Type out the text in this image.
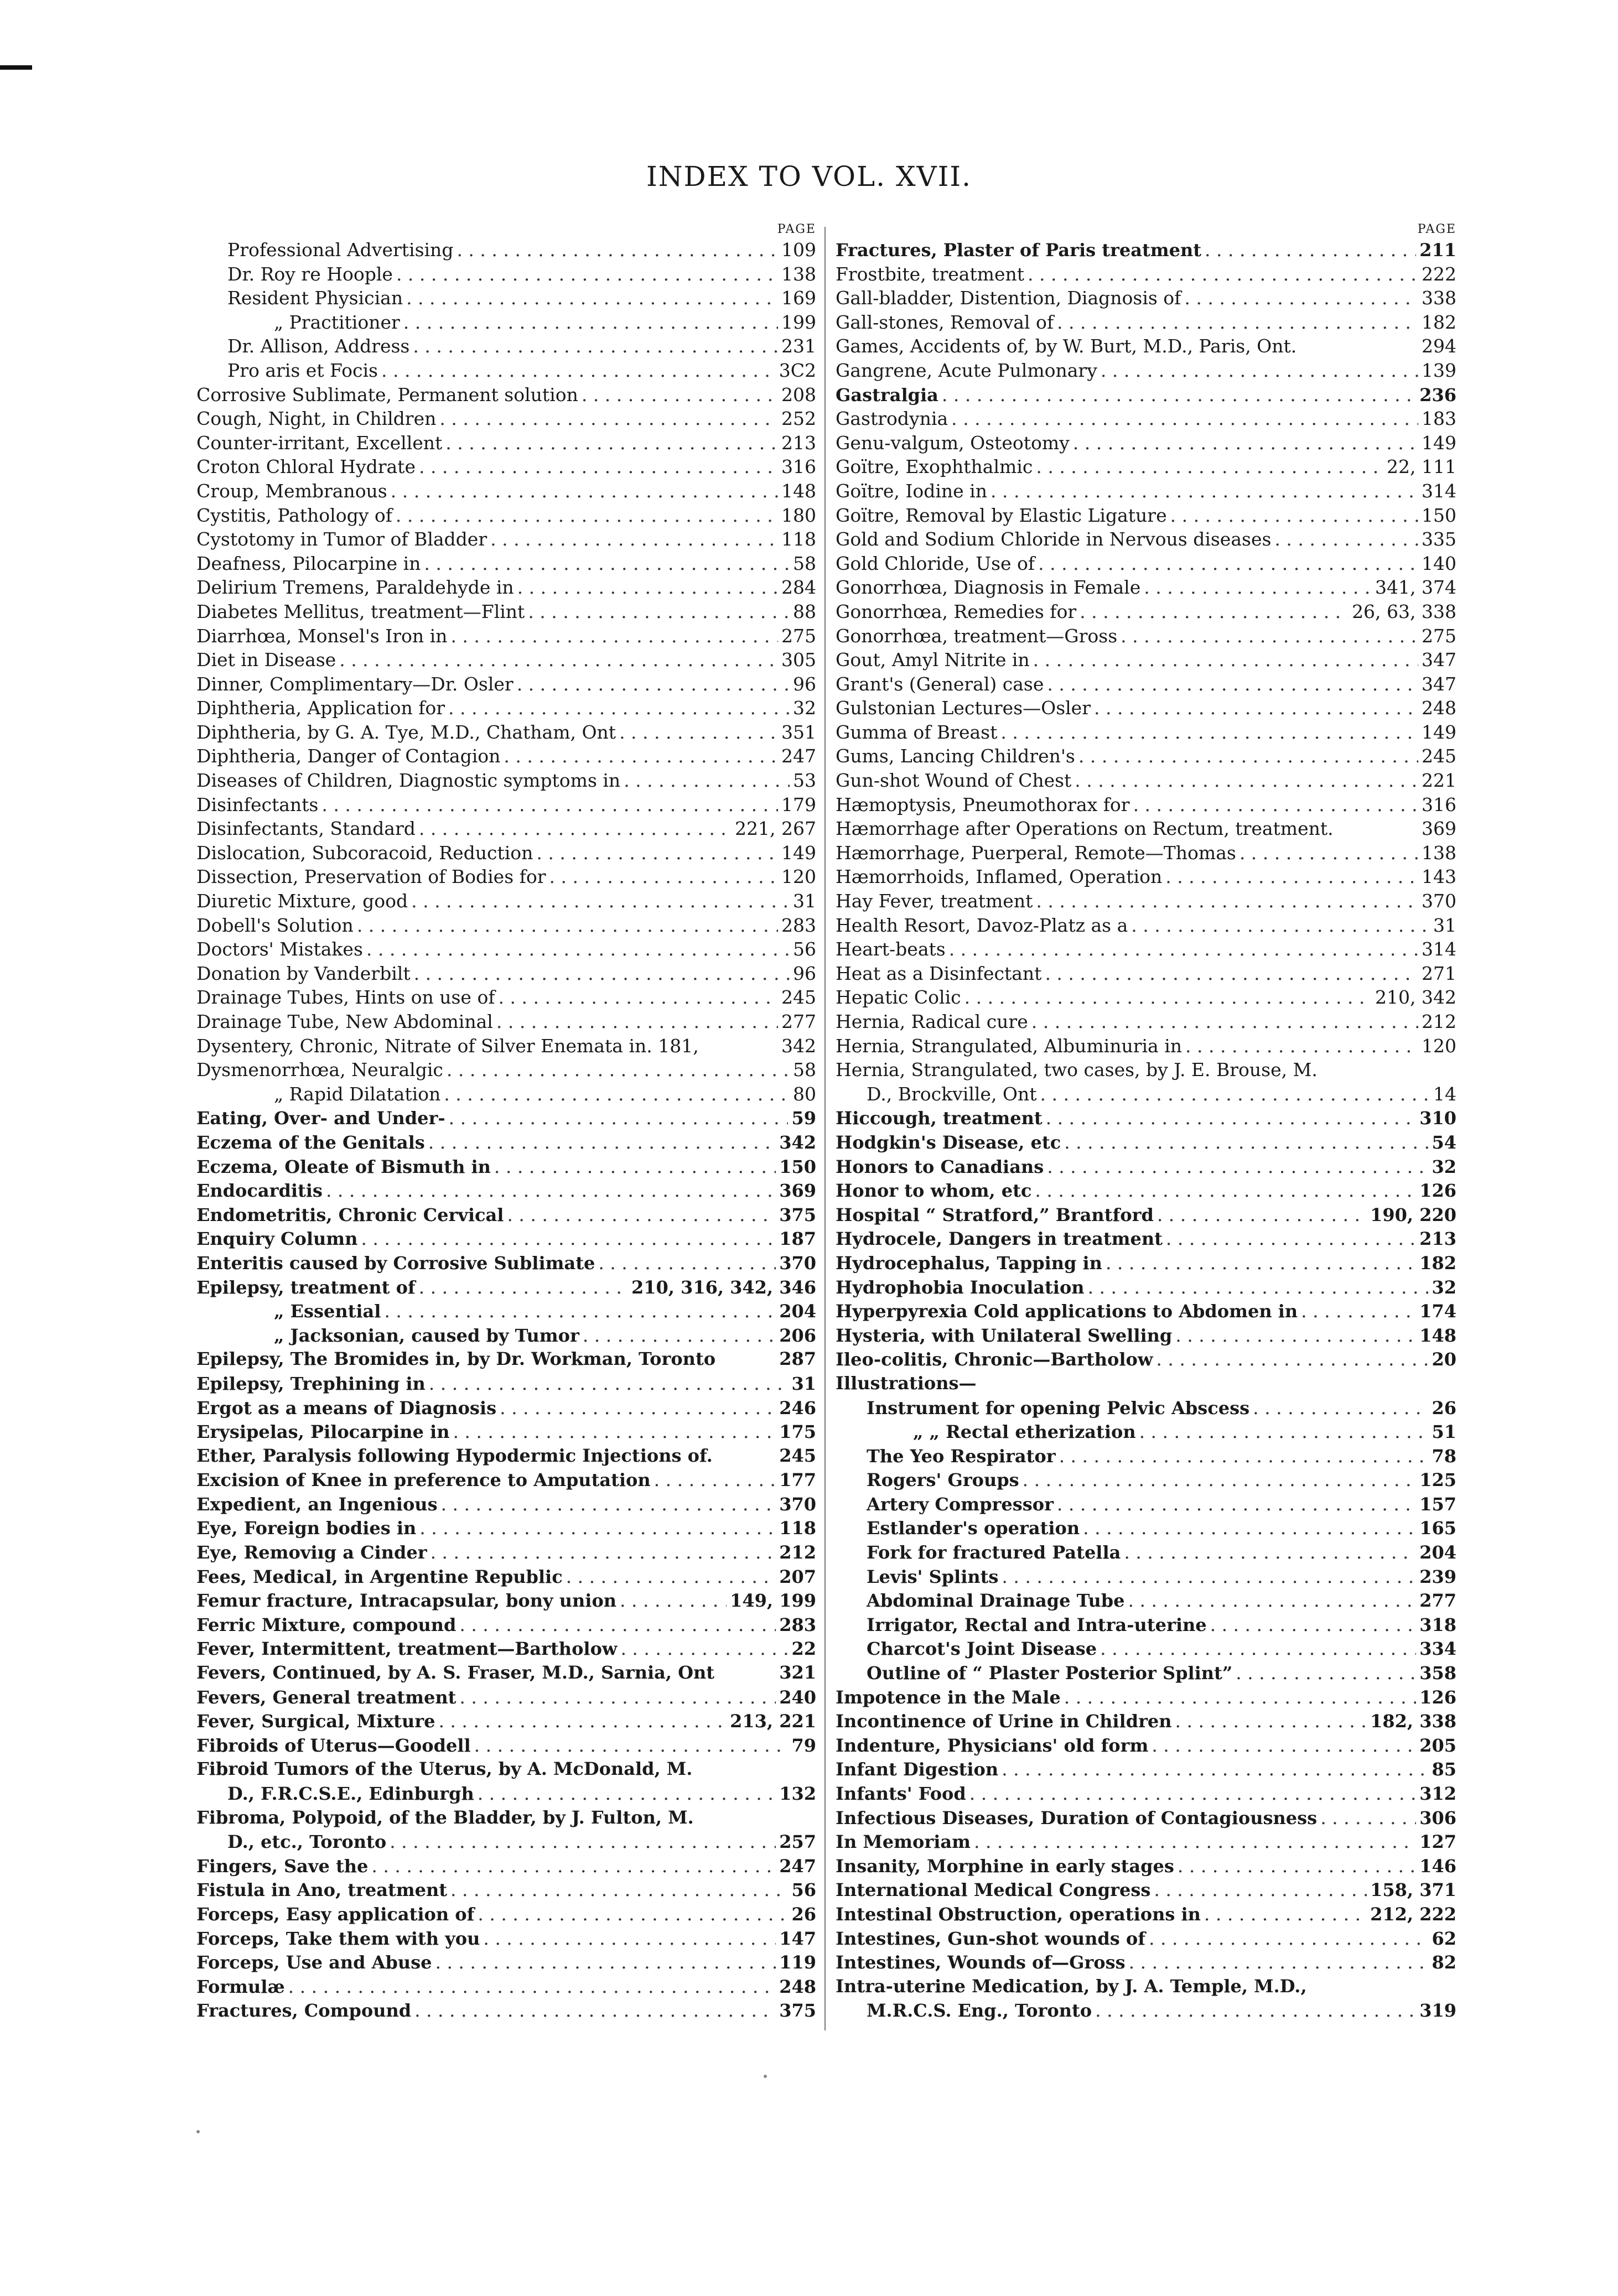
INDEX TO VOL. XVII.
PAGE
Professional Advertising . . .	109
Dr. Roy re Hoople . . .	138
Resident Physician . . .	169
„ Practitioner . . .	199
Dr. Allison, Address . . .	231
Pro aris et Focis . . .	3C2
Corrosive Sublimate, Permanent solution . . .	208
Cough, Night, in Children . . .	252
Counter-irritant, Excellent . . .	213
Croton Chloral Hydrate . . .	316
Croup, Membranous . . .	148
Cystitis, Pathology of . . .	180
Cystotomy in Tumor of Bladder . . .	118
Deafness, Pilocarpine in . . .	58
Delirium Tremens, Paraldehyde in . . .	284
Diabetes Mellitus, treatment—Flint . . .	88
Diarrhœa, Monsel's Iron in . . .	275
Diet in Disease . . .	305
Dinner, Complimentary—Dr. Osler . . .	96
Diphtheria, Application for . . .	32
Diphtheria, by G. A. Tye, M.D., Chatham, Ont . . .	351
Diphtheria, Danger of Contagion . . .	247
Diseases of Children, Diagnostic symptoms in . . .	53
Disinfectants . . .	179
Disinfectants, Standard . . .	221, 267
Dislocation, Subcoracoid, Reduction . . .	149
Dissection, Preservation of Bodies for . . .	120
Diuretic Mixture, good . . .	31
Dobell's Solution . . .	283
Doctors' Mistakes . . .	56
Donation by Vanderbilt . . .	96
Drainage Tubes, Hints on use of . . .	245
Drainage Tube, New Abdominal . . .	277
Dysentery, Chronic, Nitrate of Silver Enemata in. 181,	342
Dysmenorrhœa, Neuralgic . . .	58
„ Rapid Dilatation . . .	80
Eating, Over- and Under- . . .	59
Eczema of the Genitals . . .	342
Eczema, Oleate of Bismuth in . . .	150
Endocarditis . . .	369
Endometritis, Chronic Cervical . . .	375
Enquiry Column . . .	187
Enteritis caused by Corrosive Sublimate . . .	370
Epilepsy, treatment of . . .	210, 316, 342, 346
„ Essential . . .	204
„ Jacksonian, caused by Tumor . . .	206
Epilepsy, The Bromides in, by Dr. Workman, Toronto	287
Epilepsy, Trephining in . . .	31
Ergot as a means of Diagnosis . . .	246
Erysipelas, Pilocarpine in . . .	175
Ether, Paralysis following Hypodermic Injections of.	245
Excision of Knee in preference to Amputation . . .	177
Expedient, an Ingenious . . .	370
Eye, Foreign bodies in . . .	118
Eye, Removiıg a Cinder . . .	212
Fees, Medical, in Argentine Republic . . .	207
Femur fracture, Intracapsular, bony union . . .	149, 199
Ferric Mixture, compound . . .	283
Fever, Intermittent, treatment—Bartholow . . .	22
Fevers, Continued, by A. S. Fraser, M.D., Sarnia, Ont	321
Fevers, General treatment . . .	240
Fever, Surgical, Mixture . . .	213, 221
Fibroids of Uterus—Goodell . . .	79
Fibroid Tumors of the Uterus, by A. McDonald, M.
D., F.R.C.S.E., Edinburgh . . .	132
Fibroma, Polypoid, of the Bladder, by J. Fulton, M.
D., etc., Toronto . . .	257
Fingers, Save the . . .	247
Fistula in Ano, treatment . . .	56
Forceps, Easy application of . . .	26
Forceps, Take them with you . . .	147
Forceps, Use and Abuse . . .	119
Formulæ . . .	248
Fractures, Compound . . .	375
PAGE
Fractures, Plaster of Paris treatment . . .	211
Frostbite, treatment . . .	222
Gall-bladder, Distention, Diagnosis of . . .	338
Gall-stones, Removal of . . .	182
Games, Accidents of, by W. Burt, M.D., Paris, Ont.	294
Gangrene, Acute Pulmonary . . .	139
Gastralgia . . .	236
Gastrodynia . . .	183
Genu-valgum, Osteotomy . . .	149
Goïtre, Exophthalmic . . .	22, 111
Goïtre, Iodine in . . .	314
Goïtre, Removal by Elastic Ligature . . .	150
Gold and Sodium Chloride in Nervous diseases . . .	335
Gold Chloride, Use of . . .	140
Gonorrhœa, Diagnosis in Female . . .	341, 374
Gonorrhœa, Remedies for . . .	26, 63, 338
Gonorrhœa, treatment—Gross . . .	275
Gout, Amyl Nitrite in . . .	347
Grant's (General) case . . .	347
Gulstonian Lectures—Osler . . .	248
Gumma of Breast . . .	149
Gums, Lancing Children's . . .	245
Gun-shot Wound of Chest . . .	221
Hæmoptysis, Pneumothorax for . . .	316
Hæmorrhage after Operations on Rectum, treatment.	369
Hæmorrhage, Puerperal, Remote—Thomas . . .	138
Hæmorrhoids, Inflamed, Operation . . .	143
Hay Fever, treatment . . .	370
Health Resort, Davoz-Platz as a . . .	31
Heart-beats . . .	314
Heat as a Disinfectant . . .	271
Hepatic Colic . . .	210, 342
Hernia, Radical cure . . .	212
Hernia, Strangulated, Albuminuria in . . .	120
Hernia, Strangulated, two cases, by J. E. Brouse, M.
D., Brockville, Ont . . .	14
Hiccough, treatment . . .	310
Hodgkin's Disease, etc . . .	54
Honors to Canadians . . .	32
Honor to whom, etc . . .	126
Hospital “ Stratford,” Brantford . . .	190, 220
Hydrocele, Dangers in treatment . . .	213
Hydrocephalus, Tapping in . . .	182
Hydrophobia Inoculation . . .	32
Hyperpyrexia Cold applications to Abdomen in . . .	174
Hysteria, with Unilateral Swelling . . .	148
Ileo-colitis, Chronic—Bartholow . . .	20
Illustrations—
Instrument for opening Pelvic Abscess . . .	26
„ „ Rectal etherization . . .	51
The Yeo Respirator . . .	78
Rogers' Groups . . .	125
Artery Compressor . . .	157
Estlander's operation . . .	165
Fork for fractured Patella . . .	204
Levis' Splints . . .	239
Abdominal Drainage Tube . . .	277
Irrigator, Rectal and Intra-uterine . . .	318
Charcot's Joint Disease . . .	334
Outline of “ Plaster Posterior Splint” . . .	358
Impotence in the Male . . .	126
Incontinence of Urine in Children . . .	182, 338
Indenture, Physicians' old form . . .	205
Infant Digestion . . .	85
Infants' Food . . .	312
Infectious Diseases, Duration of Contagiousness . . .	306
In Memoriam . . .	127
Insanity, Morphine in early stages . . .	146
International Medical Congress . . .	158, 371
Intestinal Obstruction, operations in . . .	212, 222
Intestines, Gun-shot wounds of . . .	62
Intestines, Wounds of—Gross . . .	82
Intra-uterine Medication, by J. A. Temple, M.D.,
M.R.C.S. Eng., Toronto . . .	319
